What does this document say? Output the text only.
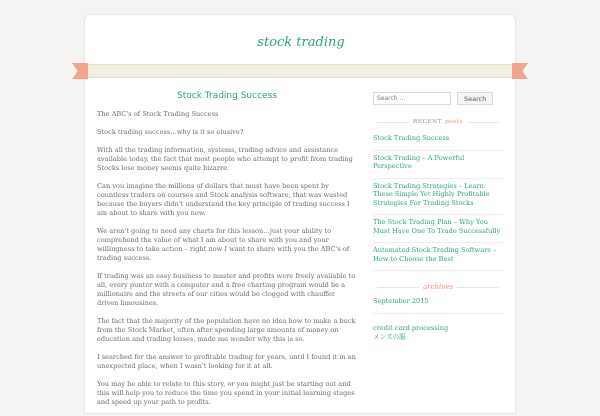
stock trading
Stock Trading Success

The ABC's of Stock Trading Success

Stock trading success…why is it so elusive?

With all the trading information, systems, trading advice and assistance available today, the fact that most people who attempt to profit from trading Stocks lose money seems quite bizarre.

Can you imagine the millions of dollars that must have been spent by countless traders on courses and Stock analysis software, that was wasted because the buyers didn't understand the key principle of trading success I am about to share with you now.

We aren't going to need any charts for this lesson…just your ability to comprehend the value of what I am about to share with you and your willingness to take action – right now I want to share with you the ABC's of trading success.

If trading was an easy business to master and profits were freely available to all, every punter with a computer and a free charting program would be a millionaire and the streets of our cities would be clogged with chauffer driven limousines.

The fact that the majority of the population have no idea how to make a buck from the Stock Market, often after spending large amounts of money on education and trading losses, made me wonder why this is so.

I searched for the answer to profitable trading for years, until I found it in an unexpected place, when I wasn't looking for it at all.

You may be able to relate to this story, or you might just be starting out and this will help you to reduce the time you spend in your initial learning stages and speed up your path to profits.

Search …
Search
RECENT posts
Stock Trading Success
Stock Trading – A Powerful Perspective
Stock Trading Strategies – Learn These Simple Yet Highly Profitable Strategies For Trading Stocks
The Stock Trading Plan – Why You Must Have One To Trade Successfully
Automated Stock Trading Software – How to Choose the Best
archives
September 2015
credit card processing
メンズの服
